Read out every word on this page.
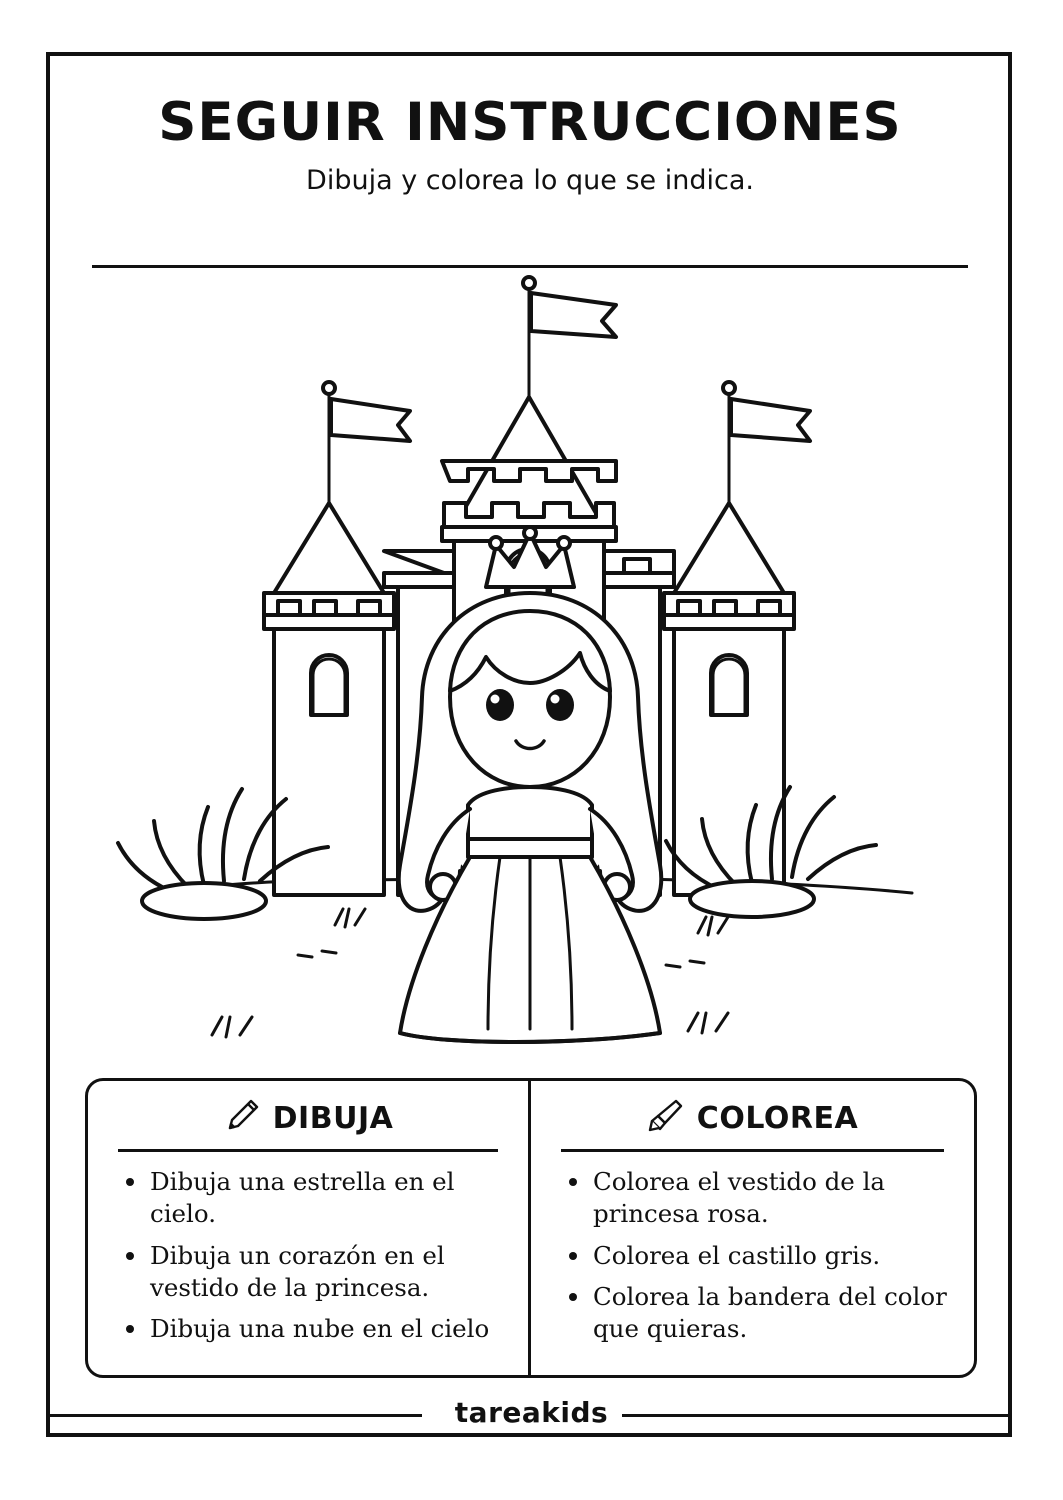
SEGUIR INSTRUCCIONES
Dibuja y colorea lo que se indica.
DIBUJA
Dibuja una estrella en el cielo.
Dibuja un corazón en el vestido de la princesa.
Dibuja una nube en el cielo
COLOREA
Colorea el vestido de la princesa rosa.
Colorea el castillo gris.
Colorea la bandera del color que quieras.
tareakids
